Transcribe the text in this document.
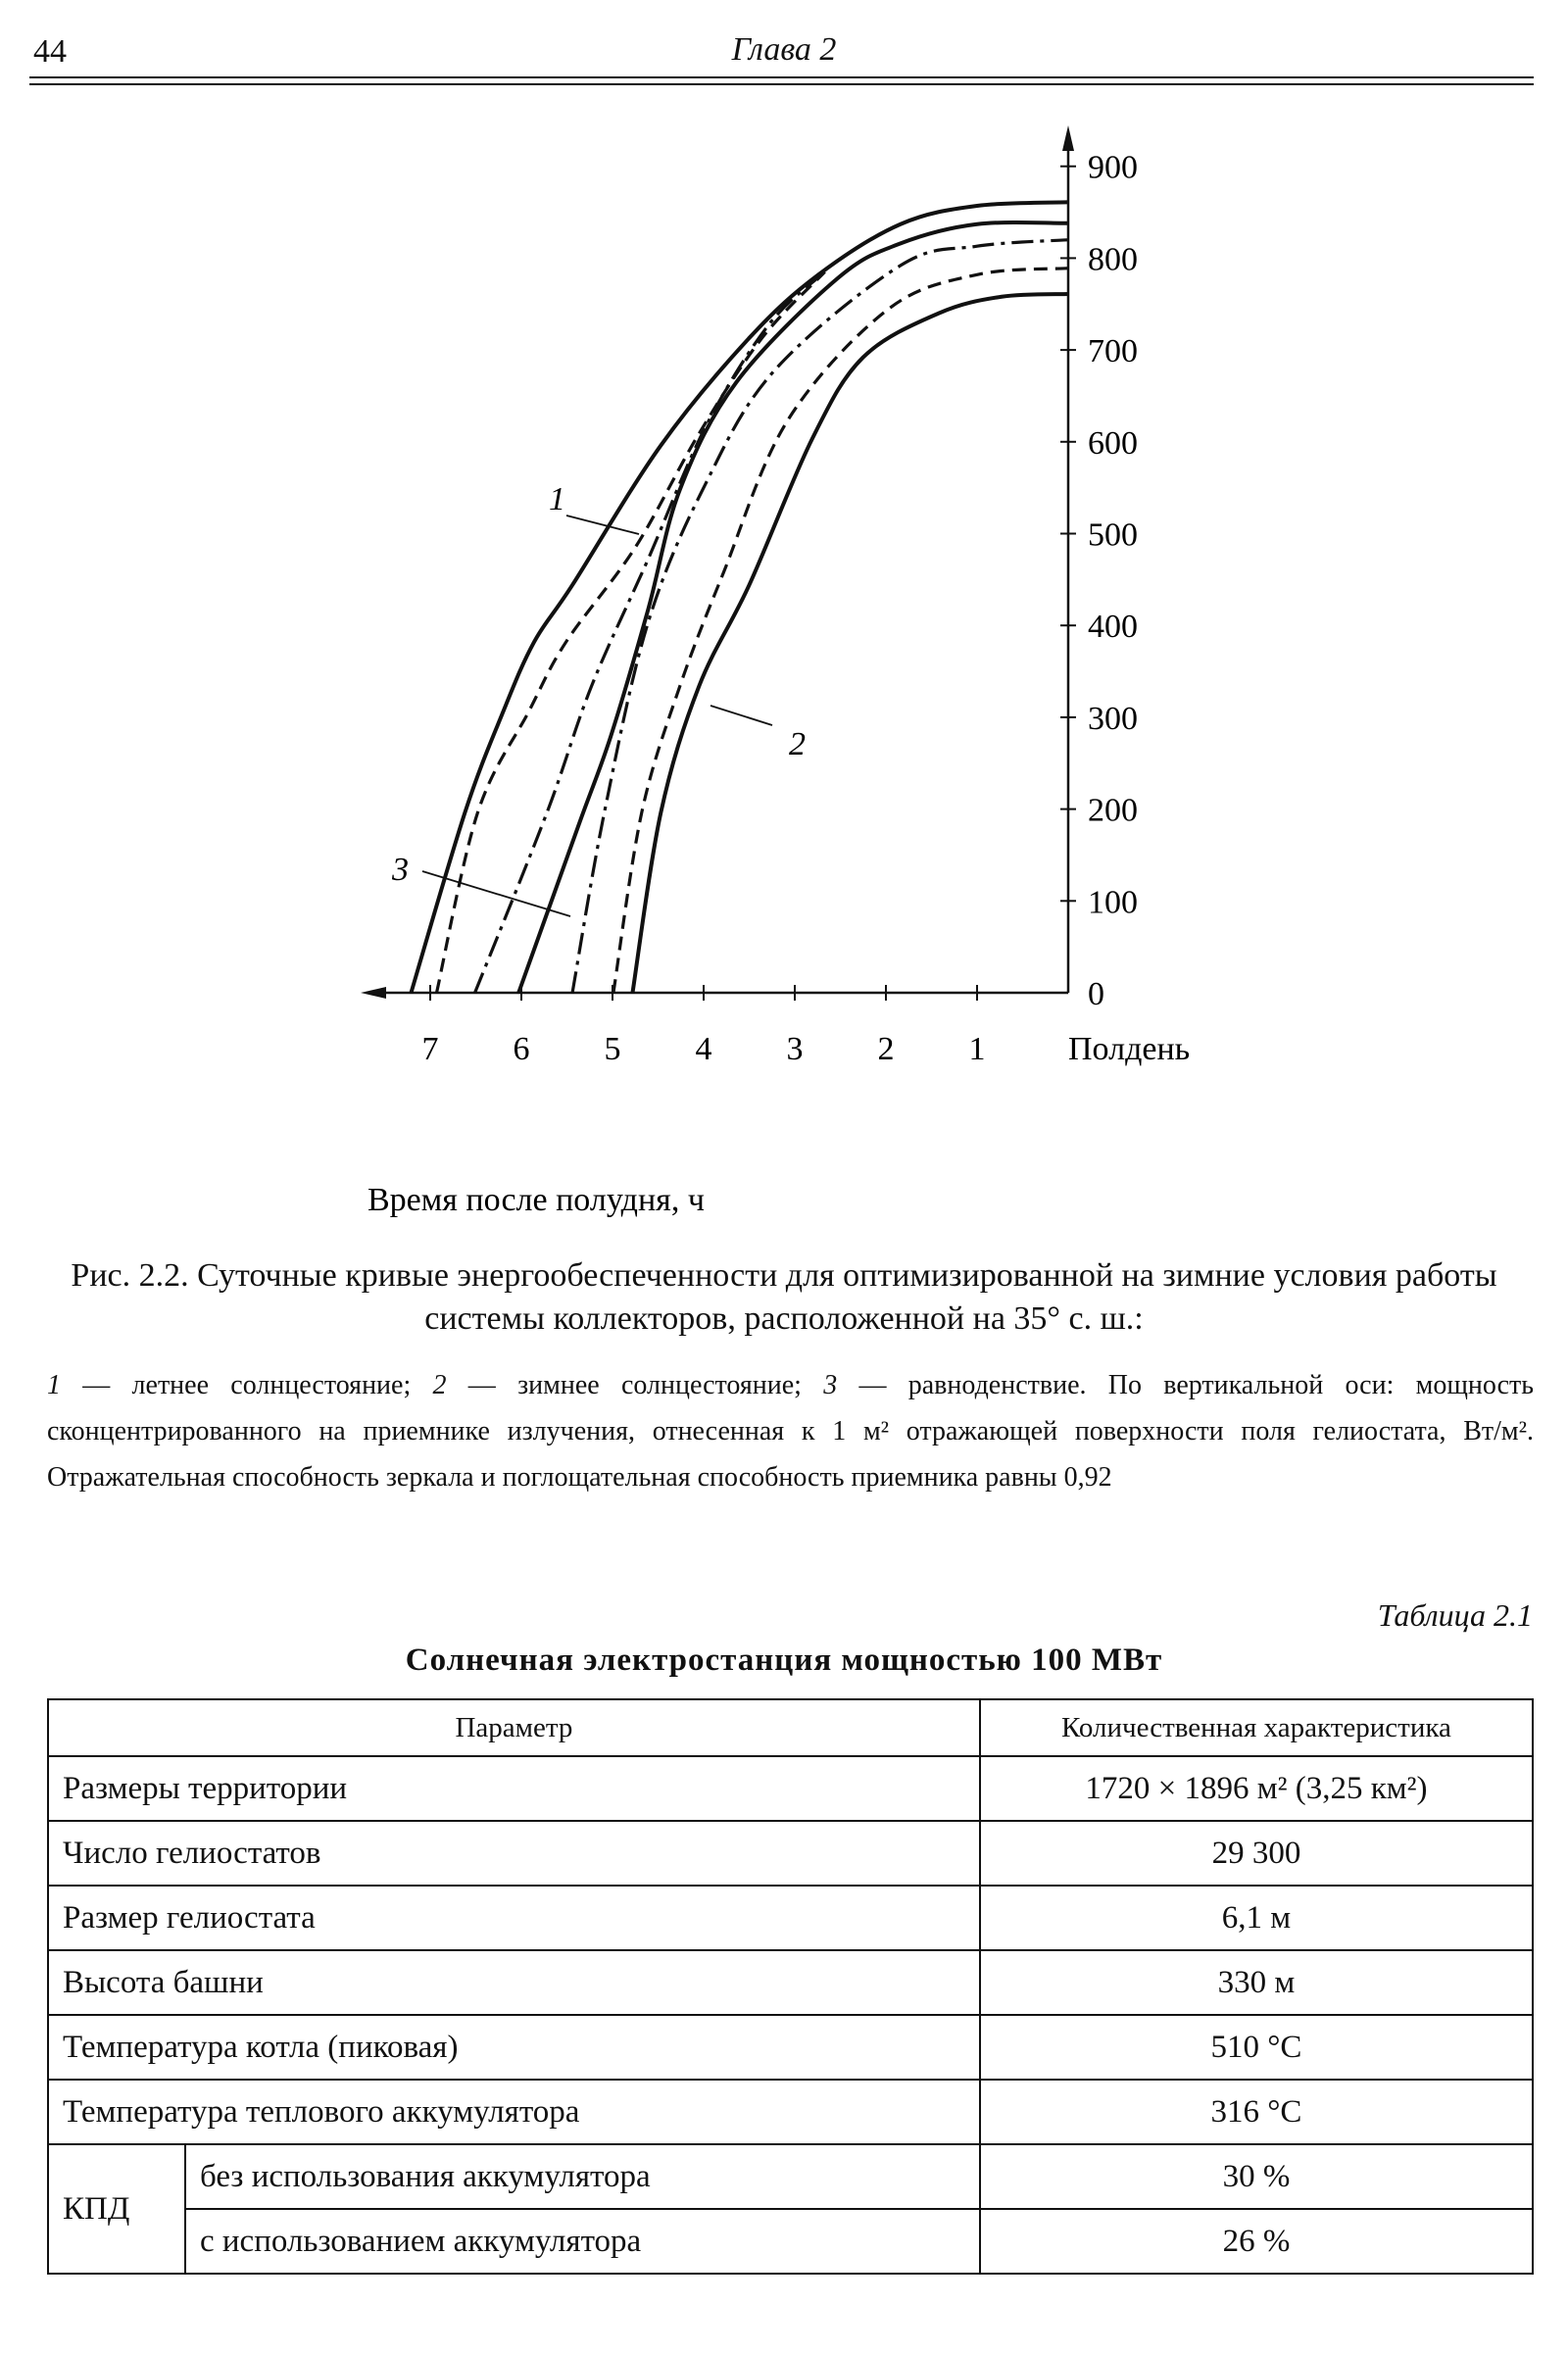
44	Глава 2
0
100
200
300
400
500
600
700
800
900
7 6 5 4 3 2 1 Полдень
Время после полудня, ч
1
2
3
Рис. 2.2. Суточные кривые энергообеспеченности для оптимизированной на зимние условия работы системы коллекторов, расположенной на 35° с. ш.:
1 — летнее солнцестояние; 2 — зимнее солнцестояние; 3 — равноденствие. По вертикальной оси: мощность сконцентрированного на приемнике излучения, отнесенная к 1 м² отражающей поверхности поля гелиостата, Вт/м². Отражательная способность зеркала и поглощательная способность приемника равны 0,92
Таблица 2.1
Солнечная электростанция мощностью 100 МВт
Параметр		Количественная характеристика
Размеры территории		1720 × 1896 м² (3,25 км²)
Число гелиостатов		29 300
Размер гелиостата		6,1 м
Высота башни		330 м
Температура котла (пиковая)		510 °С
Температура теплового аккумулятора		316 °С
КПД	без использования аккумулятора	30 %
	с использованием аккумулятора	26 %
